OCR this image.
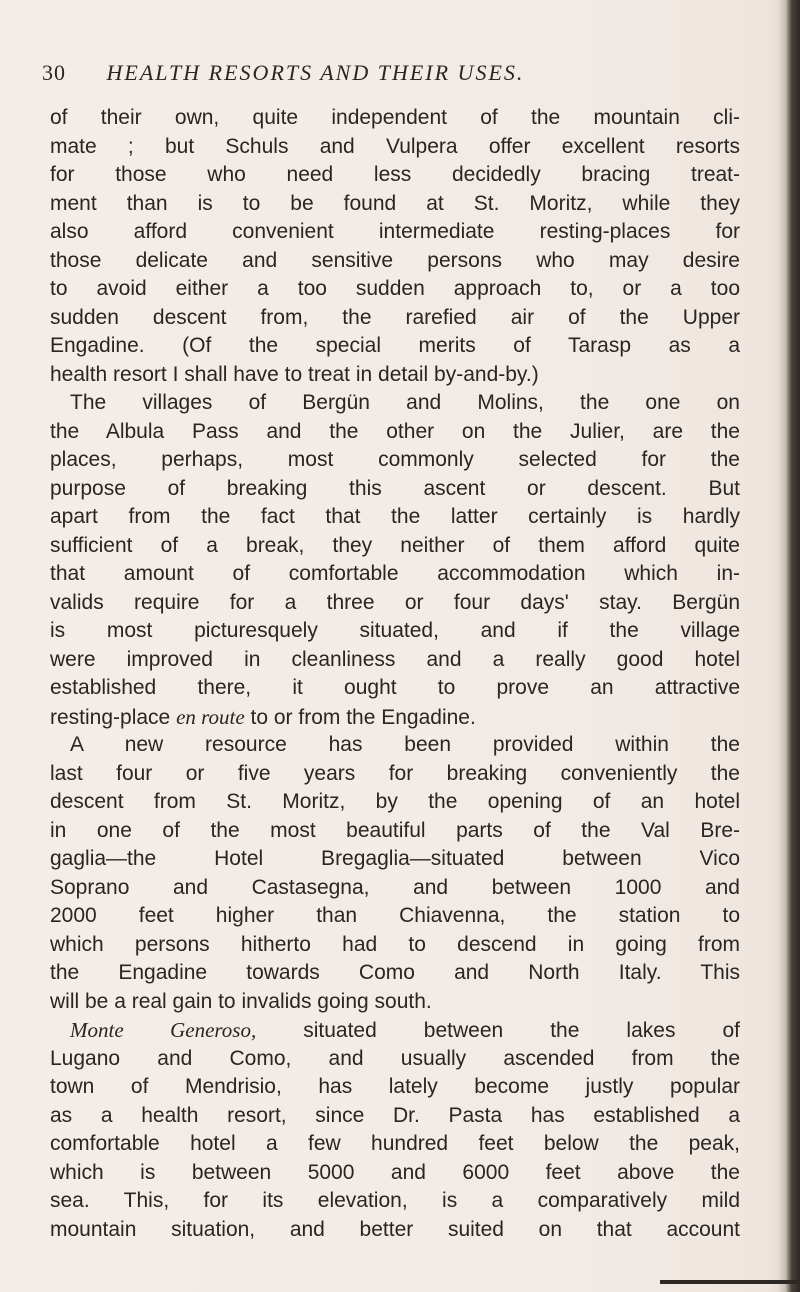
30 HEALTH RESORTS AND THEIR USES.
of their own, quite independent of the mountain cli-
mate ; but Schuls and Vulpera offer excellent resorts
for those who need less decidedly bracing treat-
ment than is to be found at St. Moritz, while they
also afford convenient intermediate resting-places for
those delicate and sensitive persons who may desire
to avoid either a too sudden approach to, or a too
sudden descent from, the rarefied air of the Upper
Engadine. (Of the special merits of Tarasp as a
health resort I shall have to treat in detail by-and-by.)
The villages of Bergün and Molins, the one on
the Albula Pass and the other on the Julier, are the
places, perhaps, most commonly selected for the
purpose of breaking this ascent or descent. But
apart from the fact that the latter certainly is hardly
sufficient of a break, they neither of them afford quite
that amount of comfortable accommodation which in-
valids require for a three or four days' stay. Bergün
is most picturesquely situated, and if the village
were improved in cleanliness and a really good hotel
established there, it ought to prove an attractive
resting-place en route to or from the Engadine.
A new resource has been provided within the
last four or five years for breaking conveniently the
descent from St. Moritz, by the opening of an hotel
in one of the most beautiful parts of the Val Bre-
gaglia—the Hotel Bregaglia—situated between Vico
Soprano and Castasegna, and between 1000 and
2000 feet higher than Chiavenna, the station to
which persons hitherto had to descend in going from
the Engadine towards Como and North Italy. This
will be a real gain to invalids going south.
Monte Generoso, situated between the lakes of
Lugano and Como, and usually ascended from the
town of Mendrisio, has lately become justly popular
as a health resort, since Dr. Pasta has established a
comfortable hotel a few hundred feet below the peak,
which is between 5000 and 6000 feet above the
sea. This, for its elevation, is a comparatively mild
mountain situation, and better suited on that account
